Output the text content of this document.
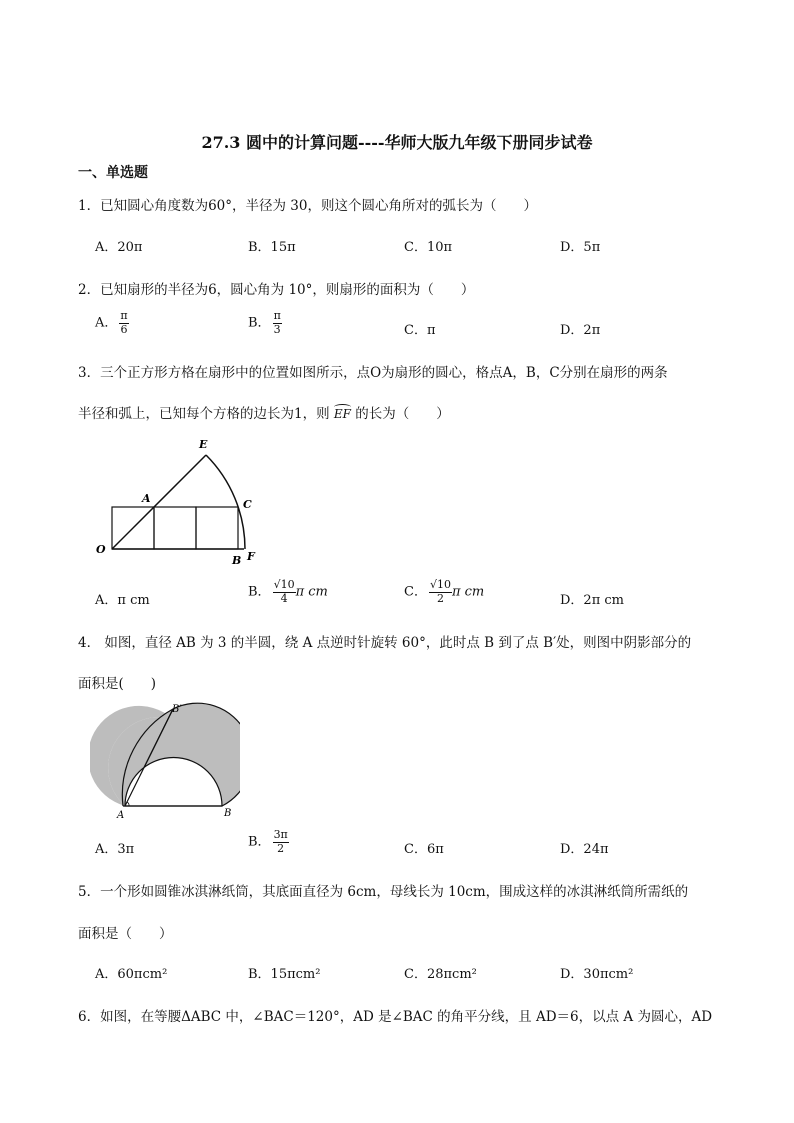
27.3 圆中的计算问题----华师大版九年级下册同步试卷
一、单选题
1．已知圆心角度数为60°，半径为 30，则这个圆心角所对的弧长为（　　）
A．20π	B．15π	C．10π	D．5π
2．已知扇形的半径为6，圆心角为 10°，则扇形的面积为（　　）
A． $\frac{\pi}{6}$	B． $\frac{\pi}{3}$	C．π	D．2π
3．三个正方形方格在扇形中的位置如图所示，点O为扇形的圆心，格点A，B，C分别在扇形的两条
半径和弧上，已知每个方格的边长为1，则 EF 的长为（　　）
E
A	C
O
B F
A．π cm
B． $\frac{√10}{4}$ π cm	C． $\frac{√10}{2}$ π cm
D．2π cm
4． 如图，直径 AB 为 3 的半圆，绕 A 点逆时针旋转 60°，此时点 B 到了点 B′处，则图中阴影部分的
面积是(　　)
B′
A	B
A．3π	B． $\frac{3\pi}{2}$	C．6π	D．24π
5．一个形如圆锥冰淇淋纸筒，其底面直径为 6cm，母线长为 10cm，围成这样的冰淇淋纸筒所需纸的
面积是（　　）
A．60πcm²	B．15πcm²	C．28πcm²	D．30πcm²
6．如图，在等腰ΔABC 中，∠BAC＝120°，AD 是∠BAC 的角平分线，且 AD＝6，以点 A 为圆心，AD
